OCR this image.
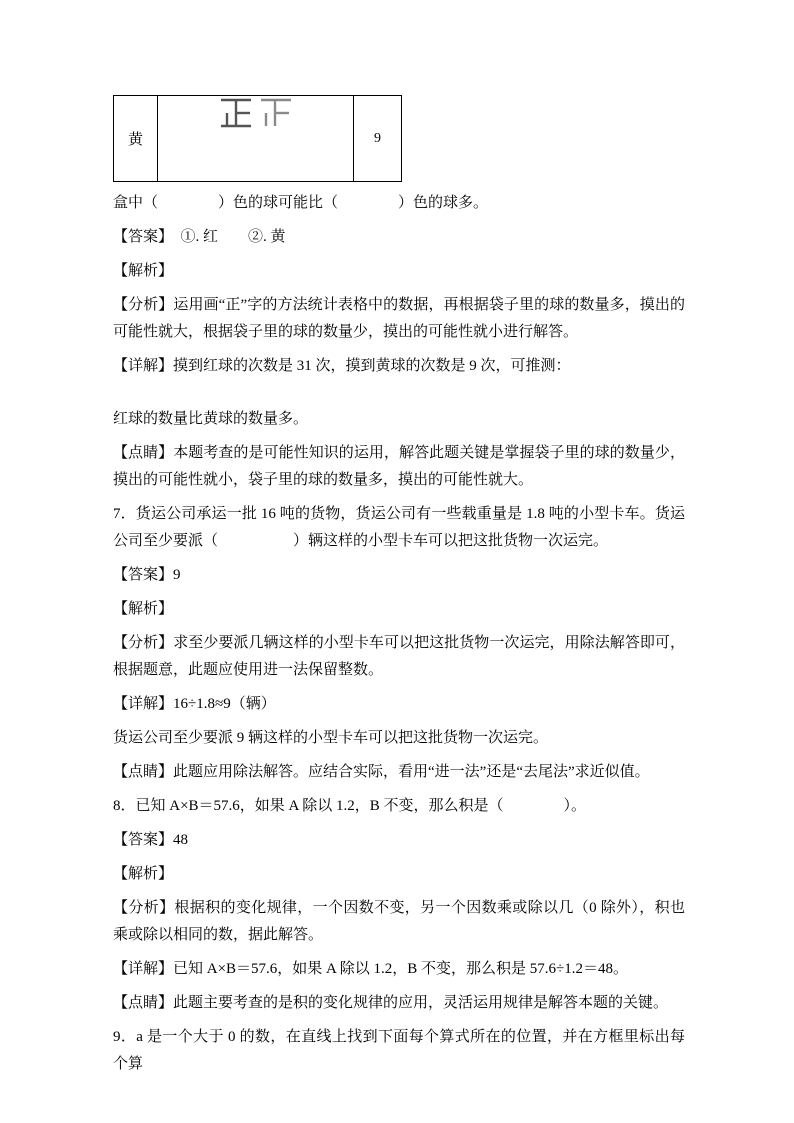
黄		9

盒中（　　　　）色的球可能比（　　　　）色的球多。

【答案】　①. 红　　②. 黄

【解析】

【分析】运用画“正”字的方法统计表格中的数据，再根据袋子里的球的数量多，摸出的可能性就大，根据袋子里的球的数量少，摸出的可能性就小进行解答。

【详解】摸到红球的次数是 31 次，摸到黄球的次数是 9 次，可推测：

红球的数量比黄球的数量多。

【点睛】本题考查的是可能性知识的运用，解答此题关键是掌握袋子里的球的数量少，摸出的可能性就小，袋子里的球的数量多，摸出的可能性就大。

7．货运公司承运一批 16 吨的货物，货运公司有一些载重量是 1.8 吨的小型卡车。货运公司至少要派（　　　　　）辆这样的小型卡车可以把这批货物一次运完。

【答案】9

【解析】

【分析】求至少要派几辆这样的小型卡车可以把这批货物一次运完，用除法解答即可，根据题意，此题应使用进一法保留整数。

【详解】16÷1.8≈9（辆）

货运公司至少要派 9 辆这样的小型卡车可以把这批货物一次运完。

【点睛】此题应用除法解答。应结合实际，看用“进一法”还是“去尾法”求近似值。

8．已知 A×B＝57.6，如果 A 除以 1.2，B 不变，那么积是（　　　　）。

【答案】48

【解析】

【分析】根据积的变化规律，一个因数不变，另一个因数乘或除以几（0 除外），积也乘或除以相同的数，据此解答。

【详解】已知 A×B＝57.6，如果 A 除以 1.2，B 不变，那么积是 57.6÷1.2＝48。

【点睛】此题主要考查的是积的变化规律的应用，灵活运用规律是解答本题的关键。

9．a 是一个大于 0 的数，在直线上找到下面每个算式所在的位置，并在方框里标出每个算
